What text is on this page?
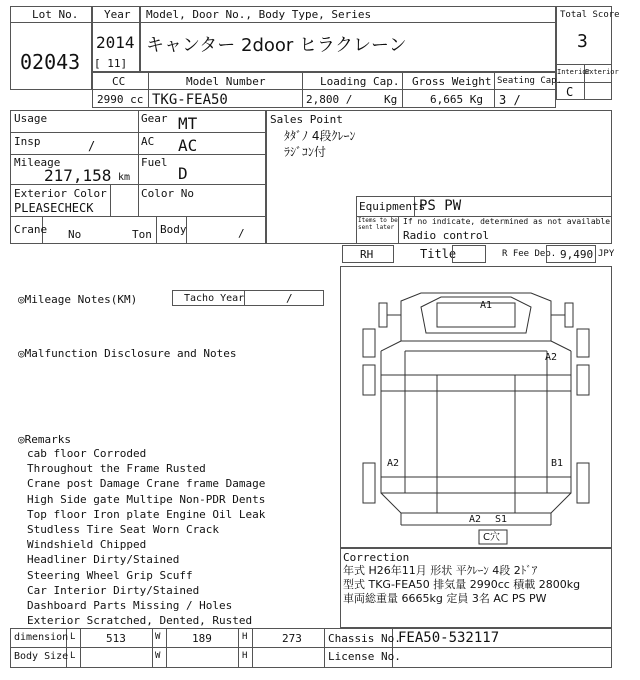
Lot No.
02043
Year
2014
[ 11]
Model, Door No., Body Type, Series
キャンター 2door ヒラクレーン
Total Score
3
Interior
Exterior
C
CC
2990 cc
Model Number
TKG-FEA50
Loading Cap.
2,800 /	Kg
Gross Weight
6,665 Kg
Seating Cap.
3 /
Usage	Gear MT
Insp	/	AC AC
Mileage
217,158 km
Fuel
D
Exterior Color
PLEASECHECK
Color No
Crane No	Ton Body	/
Sales Point
ﾀﾀﾞﾉ 4段ｸﾚｰﾝ
ﾗｼﾞｺﾝ付
Equipments
PS PW
Items to be sent later
If no indicate, determined as not available
Radio control
RH	Title	R Fee Dep. 9,490 JPY
◎Mileage Notes(KM)	Tacho Year	/
◎Malfunction Disclosure and Notes
◎Remarks
cab floor Corroded
Throughout the Frame Rusted
Crane post Damage Crane frame Damage
High Side gate Multipe Non-PDR Dents
Top floor Iron plate Engine Oil Leak
Studless Tire Seat Worn Crack
Windshield Chipped
Headliner Dirty/Stained
Steering Wheel Grip Scuff
Car Interior Dirty/Stained
Dashboard Parts Missing / Holes
Exterior Scratched, Dented, Rusted
A1
A2
A2	B1
A2 S1
C穴
Correction
年式 H26年11月 形状 平ｸﾚｰﾝ 4段 2ﾄﾞｱ
型式 TKG-FEA50 排気量 2990cc 積載 2800kg
車両総重量 6665kg 定員 3名 AC PS PW
dimension L	513	W	189	H	273 Chassis No.
FEA50-532117
Body Size L	W	H	License No.
